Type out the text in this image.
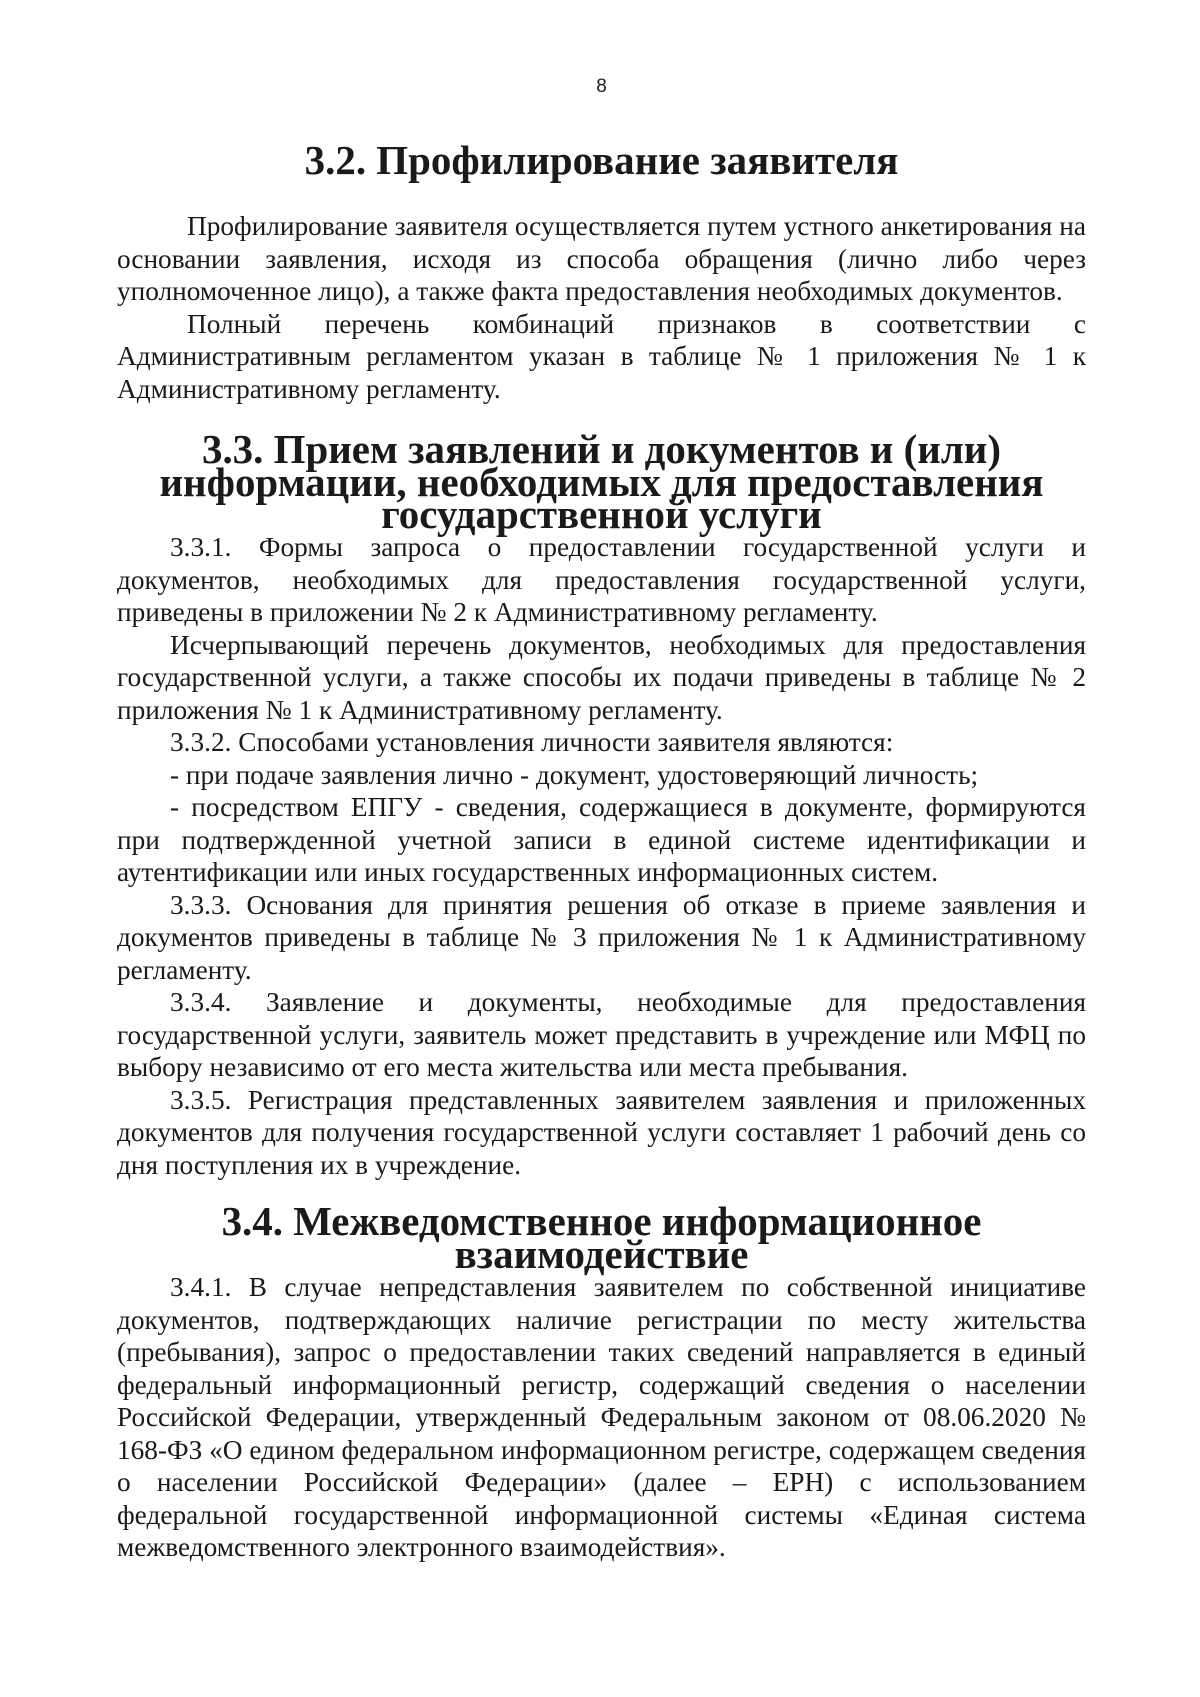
8
3.2. Профилирование заявителя

Профилирование заявителя осуществляется путем устного анкетирования на основании заявления, исходя из способа обращения (лично либо через уполномоченное лицо), а также факта предоставления необходимых документов.

Полный перечень комбинаций признаков в соответствии с Административным регламентом указан в таблице № 1 приложения № 1 к Административному регламенту.

3.3. Прием заявлений и документов и (или) информации, необходимых для предоставления государственной услуги

3.3.1. Формы запроса о предоставлении государственной услуги и документов, необходимых для предоставления государственной услуги, приведены в приложении № 2 к Административному регламенту.

Исчерпывающий перечень документов, необходимых для предоставления государственной услуги, а также способы их подачи приведены в таблице № 2 приложения № 1 к Административному регламенту.

3.3.2. Способами установления личности заявителя являются:

- при подаче заявления лично - документ, удостоверяющий личность;

- посредством ЕПГУ - сведения, содержащиеся в документе, формируются при подтвержденной учетной записи в единой системе идентификации и аутентификации или иных государственных информационных систем.

3.3.3. Основания для принятия решения об отказе в приеме заявления и документов приведены в таблице № 3 приложения № 1 к Административному регламенту.

3.3.4. Заявление и документы, необходимые для предоставления государственной услуги, заявитель может представить в учреждение или МФЦ по выбору независимо от его места жительства или места пребывания.

3.3.5. Регистрация представленных заявителем заявления и приложенных документов для получения государственной услуги составляет 1 рабочий день со дня поступления их в учреждение.

3.4. Межведомственное информационное взаимодействие

3.4.1. В случае непредставления заявителем по собственной инициативе документов, подтверждающих наличие регистрации по месту жительства (пребывания), запрос о предоставлении таких сведений направляется в единый федеральный информационный регистр, содержащий сведения о населении Российской Федерации, утвержденный Федеральным законом от 08.06.2020 № 168-ФЗ «О едином федеральном информационном регистре, содержащем сведения о населении Российской Федерации» (далее – ЕРН) с использованием федеральной государственной информационной системы «Единая система межведомственного электронного взаимодействия».
